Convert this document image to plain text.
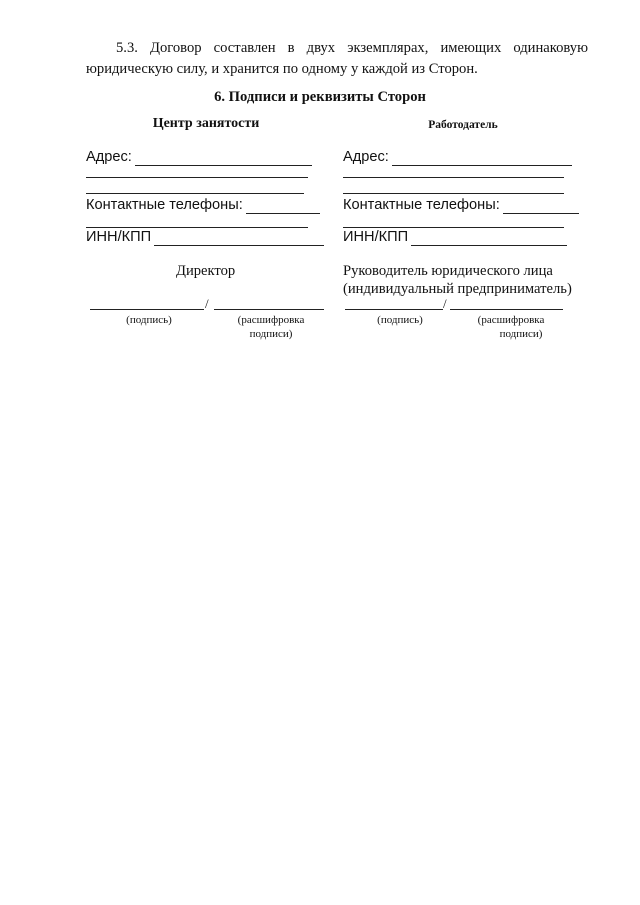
5.3. Договор составлен в двух экземплярах, имеющих одинаковую юридическую силу, и хранится по одному у каждой из Сторон.

6. Подписи и реквизиты Сторон
Центр занятости
Адрес:
Контактные телефоны:
ИНН/КПП
Директор
/
(подпись)	(расшифровка
подписи)
Работодатель
Адрес:
Контактные телефоны:
ИНН/КПП
Руководитель юридического лица
(индивидуальный предприниматель)
/
(подпись)	(расшифровка
подписи)
